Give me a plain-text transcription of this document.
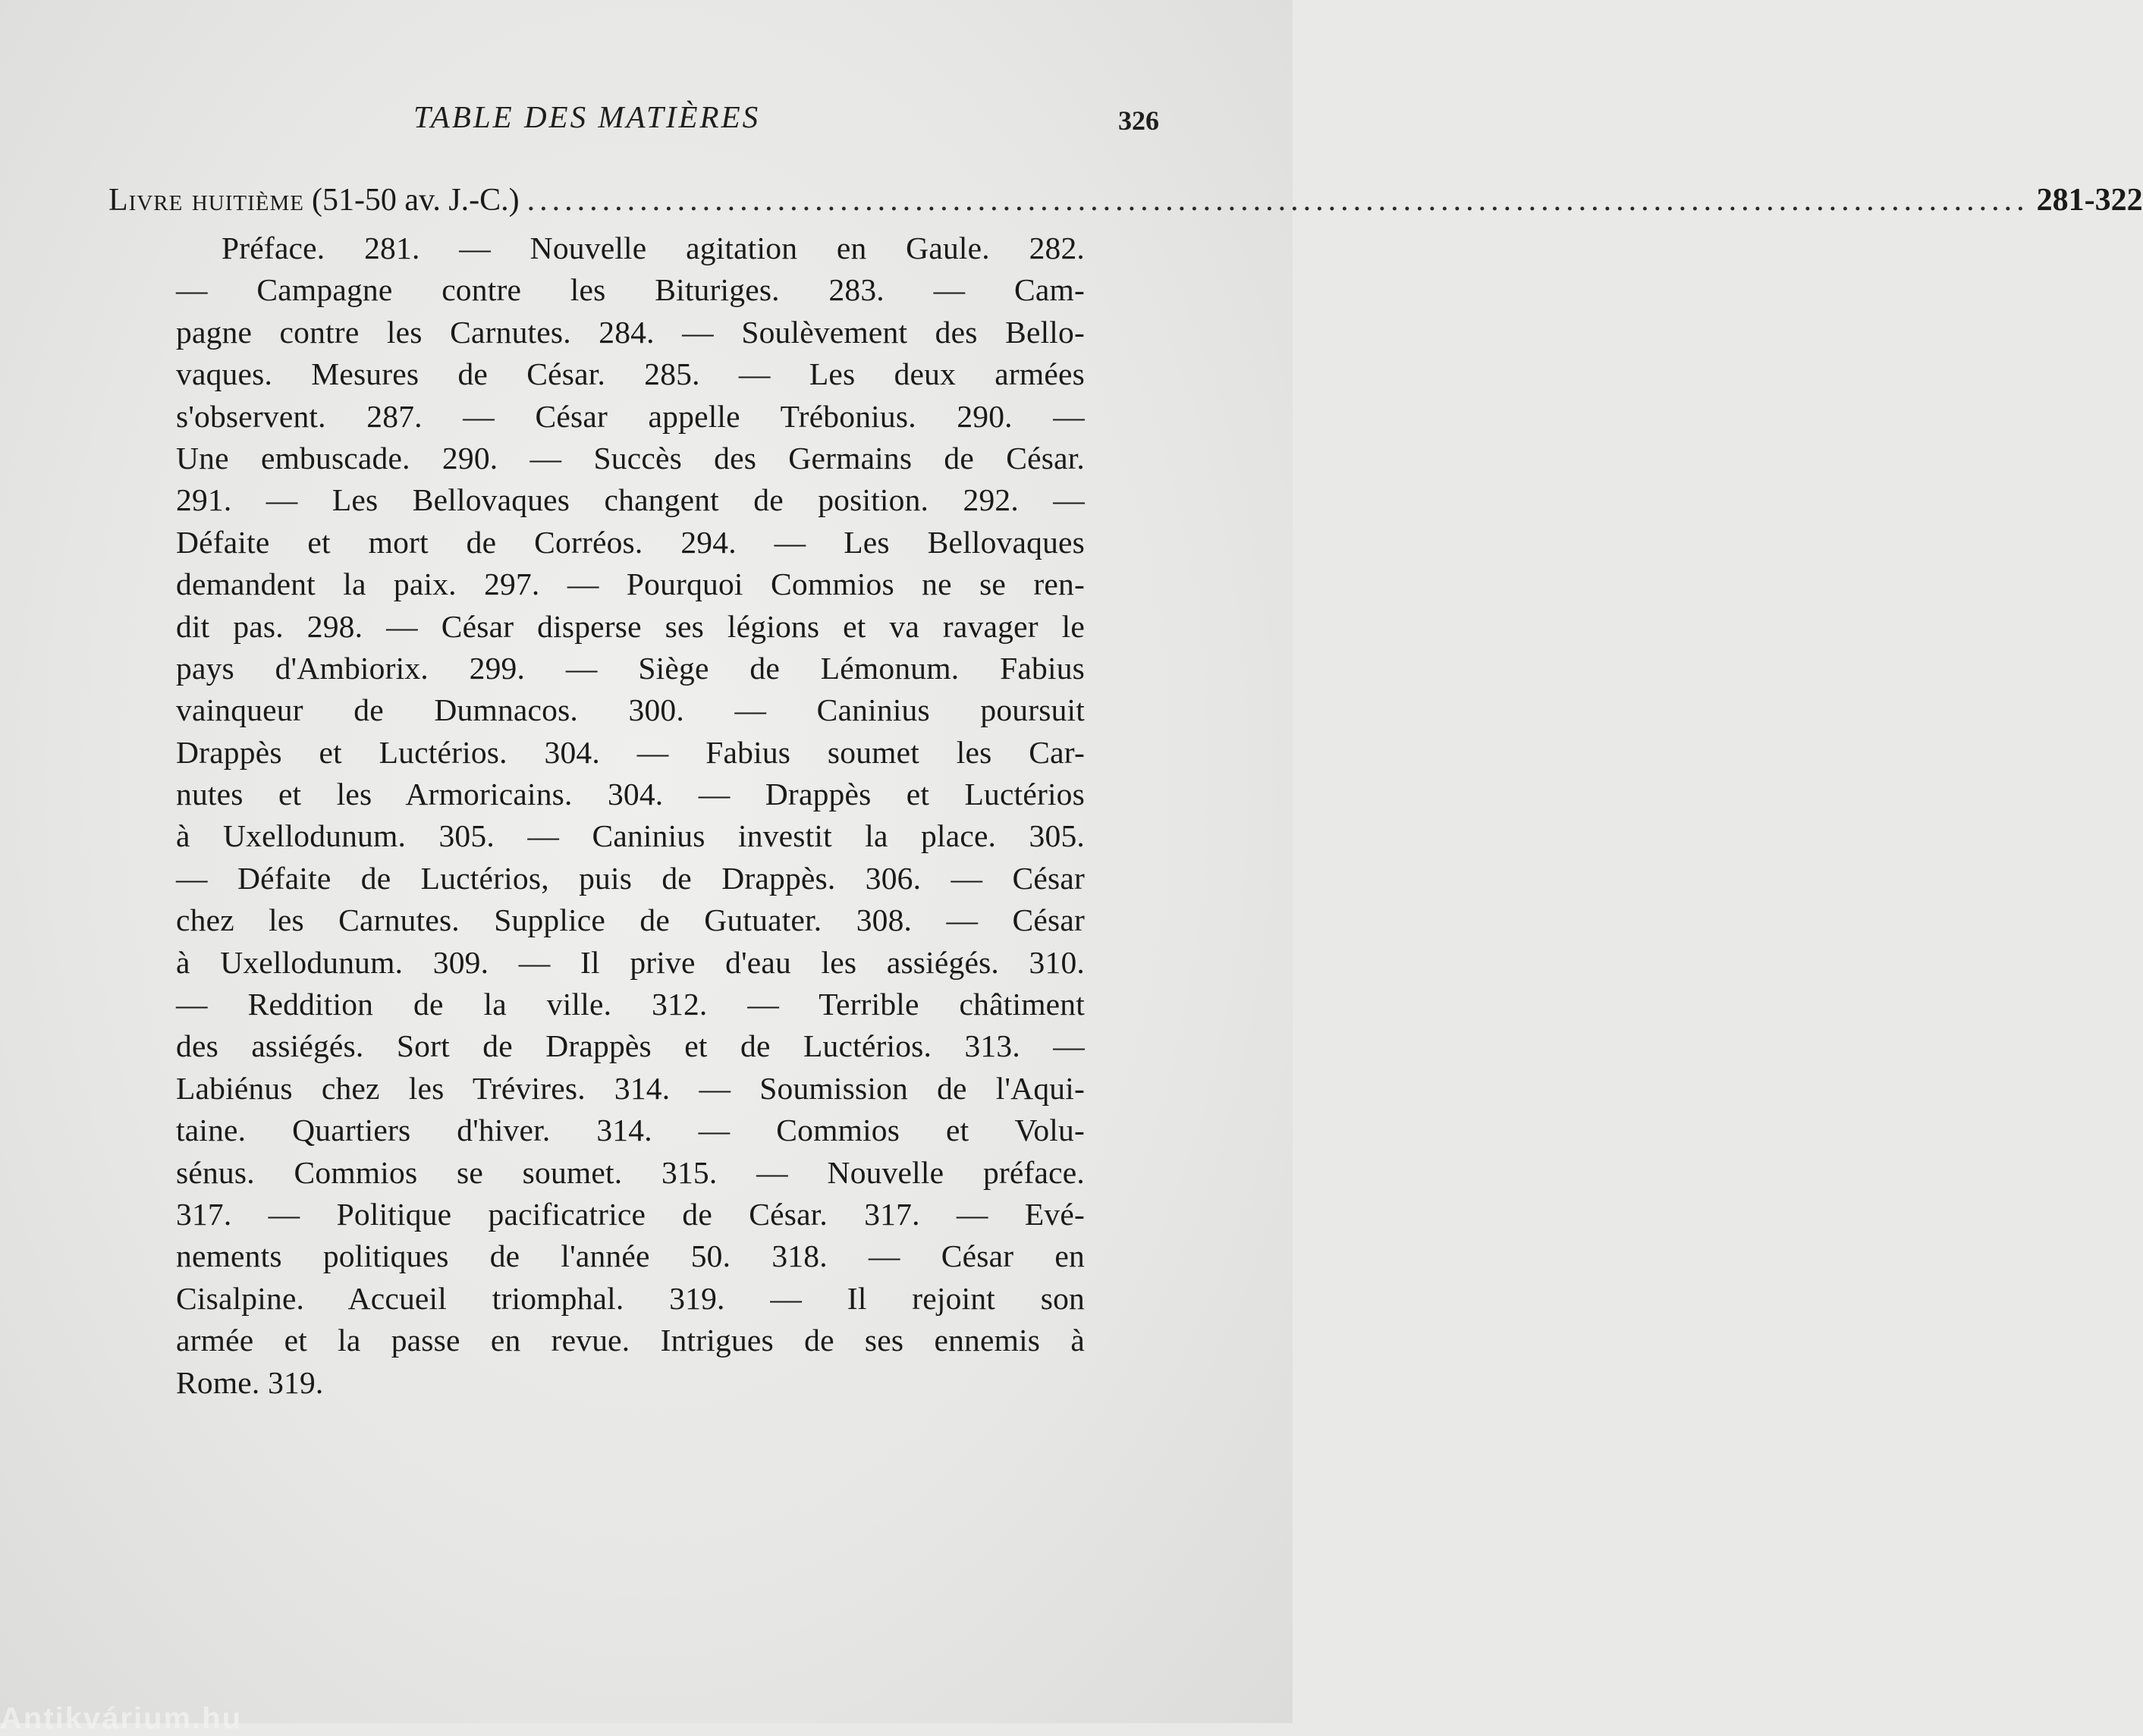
TABLE DES MATIÈRES	326
Livre huitième (51-50 av. J.-C.) ........................................................................................................................ 281-322
Préface. 281. — Nouvelle agitation en Gaule. 282.
— Campagne contre les Bituriges. 283. — Cam-
pagne contre les Carnutes. 284. — Soulèvement des Bello-
vaques. Mesures de César. 285. — Les deux armées
s'observent. 287. — César appelle Trébonius. 290. —
Une embuscade. 290. — Succès des Germains de César.
291. — Les Bellovaques changent de position. 292. —
Défaite et mort de Corréos. 294. — Les Bellovaques
demandent la paix. 297. — Pourquoi Commios ne se ren-
dit pas. 298. — César disperse ses légions et va ravager le
pays d'Ambiorix. 299. — Siège de Lémonum. Fabius
vainqueur de Dumnacos. 300. — Caninius poursuit
Drappès et Luctérios. 304. — Fabius soumet les Car-
nutes et les Armoricains. 304. — Drappès et Luctérios
à Uxellodunum. 305. — Caninius investit la place. 305.
— Défaite de Luctérios, puis de Drappès. 306. — César
chez les Carnutes. Supplice de Gutuater. 308. — César
à Uxellodunum. 309. — Il prive d'eau les assiégés. 310.
— Reddition de la ville. 312. — Terrible châtiment
des assiégés. Sort de Drappès et de Luctérios. 313. —
Labiénus chez les Trévires. 314. — Soumission de l'Aqui-
taine. Quartiers d'hiver. 314. — Commios et Volu-
sénus. Commios se soumet. 315. — Nouvelle préface.
317. — Politique pacificatrice de César. 317. — Evé-
nements politiques de l'année 50. 318. — César en
Cisalpine. Accueil triomphal. 319. — Il rejoint son
armée et la passe en revue. Intrigues de ses ennemis à
Rome. 319.
Antikvárium.hu
